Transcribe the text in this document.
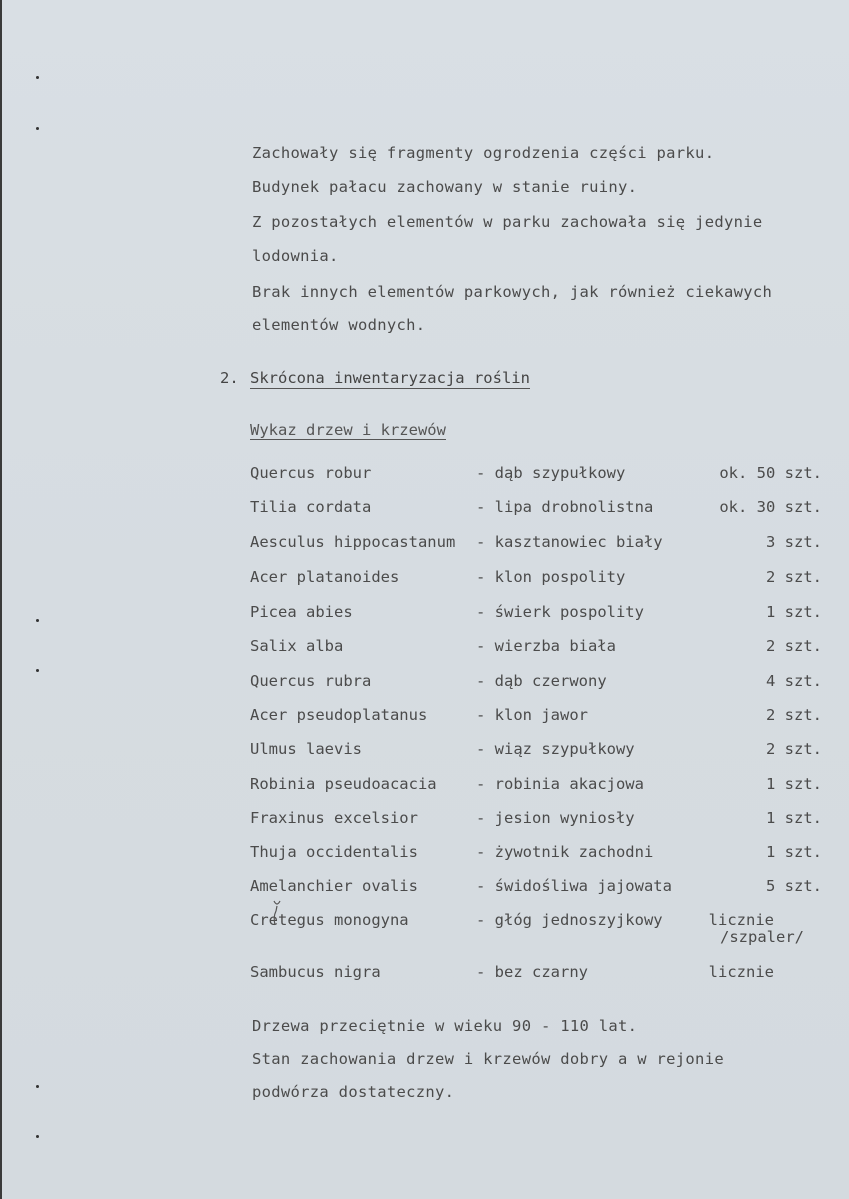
Zachowały się fragmenty ogrodzenia części parku.
Budynek pałacu zachowany w stanie ruiny.
Z pozostałych elementów w parku zachowała się jedynie
lodownia.
Brak innych elementów parkowych, jak również ciekawych
elementów wodnych.
2. Skrócona inwentaryzacja roślin
Wykaz drzew i krzewów
Quercus robur	- dąb szypułkowy	ok. 50 szt.
Tilia cordata	- lipa drobnolistna	ok. 30 szt.
Aesculus hippocastanum - kasztanowiec biały	3 szt.
Acer platanoides	- klon pospolity	2 szt.
Picea abies	- świerk pospolity	1 szt.
Salix alba	- wierzba biała	2 szt.
Quercus rubra	- dąb czerwony	4 szt.
Acer pseudoplatanus	- klon jawor	2 szt.
Ulmus laevis	- wiąz szypułkowy	2 szt.
Robinia pseudoacacia	- robinia akacjowa	1 szt.
Fraxinus excelsior	- jesion wyniosły	1 szt.
Thuja occidentalis	- żywotnik zachodni	1 szt.
Amelanchier ovalis	- świdośliwa jajowata	5 szt.
Cretegus monogyna	- głóg jednoszyjkowy	licznie
/szpaler/
Sambucus nigra	- bez czarny	licznie
Drzewa przeciętnie w wieku 90 - 110 lat.
Stan zachowania drzew i krzewów dobry a w rejonie
podwórza dostateczny.
